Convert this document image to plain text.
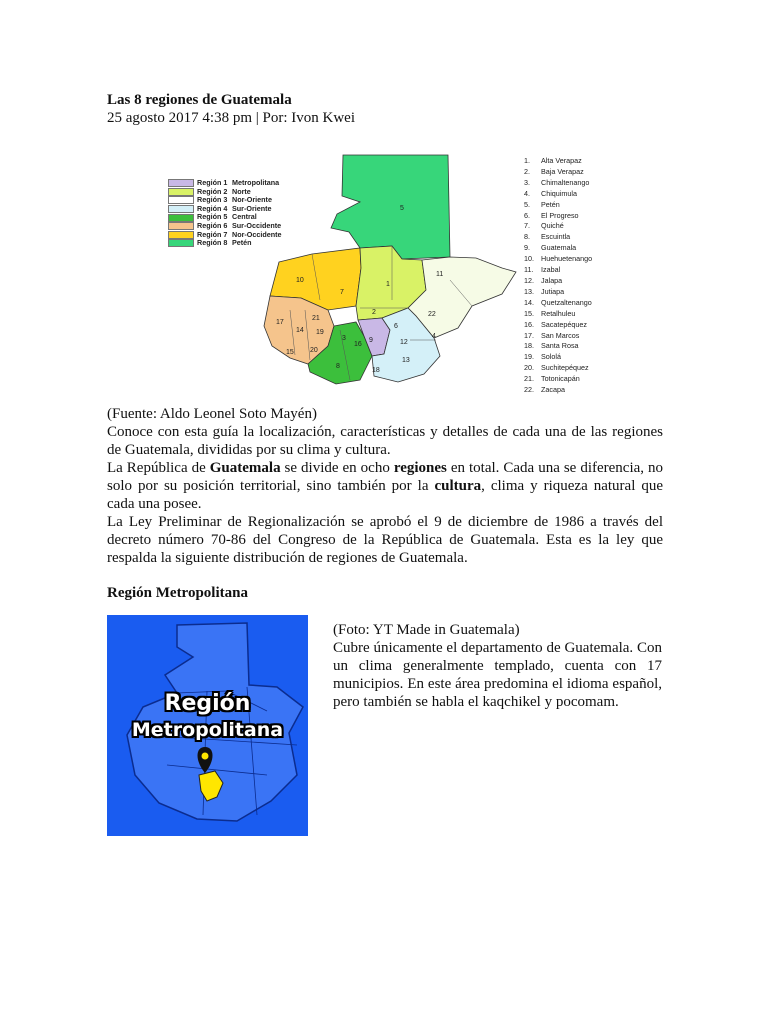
Las 8 regiones de Guatemala
25 agosto 2017 4:38 pm | Por: Ivon Kwei
5
10
7
1
11
2	22
17
14
21
6
4
19
3
16
9	12
15 20
13
8
18
Región 1 Metropolitana
Región 2 Norte
Región 3 Nor-Oriente
Región 4 Sur-Oriente
Región 5 Central
Región 6 Sur-Occidente
Región 7 Nor-Occidente
Región 8 Petén
1. Alta Verapaz
2. Baja Verapaz
3. Chimaltenango
4. Chiquimula
5. Petén
6. El Progreso
7. Quiché
8. Escuintla
9. Guatemala
10. Huehuetenango
11. Izabal
12. Jalapa
13. Jutiapa
14. Quetzaltenango
15. Retalhuleu
16. Sacatepéquez
17. San Marcos
18. Santa Rosa
19. Sololá
20. Suchitepéquez
21. Totonicapán
22. Zacapa

(Fuente: Aldo Leonel Soto Mayén)

Conoce con esta guía la localización, características y detalles de cada una de las regiones de Guatemala, divididas por su clima y cultura.

La República de Guatemala se divide en ocho regiones en total. Cada una se diferencia, no solo por su posición territorial, sino también por la cultura, clima y riqueza natural que cada una posee.

La Ley Preliminar de Regionalización se aprobó el 9 de diciembre de 1986 a través del decreto número 70-86 del Congreso de la República de Guatemala. Esta es la ley que respalda la siguiente distribución de regiones de Guatemala.

Región Metropolitana
Región
Metropolitana

(Foto: YT Made in Guatemala)

Cubre únicamente el departamento de Guatemala. Con un clima generalmente templado, cuenta con 17 municipios. En este área predomina el idioma español, pero también se habla el kaqchikel y pocomam.
